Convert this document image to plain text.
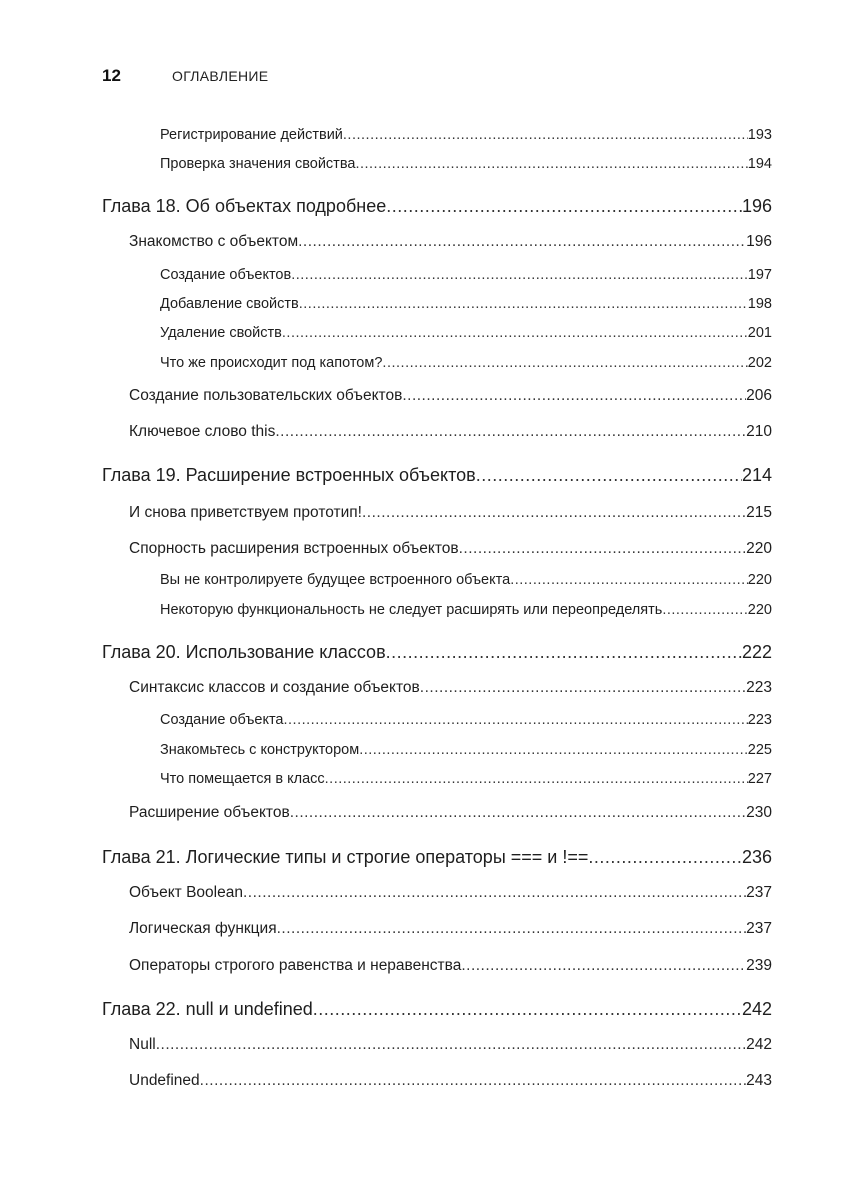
12	ОГЛАВЛЕНИЕ
Регистрирование действий .....	193
Проверка значения свойства .....	194
Глава 18. Об объектах подробнее .....	196
Знакомство с объектом .....	196
Создание объектов .....	197
Добавление свойств .....	198
Удаление свойств .....	201
Что же происходит под капотом? .....	202
Создание пользовательских объектов .....	206
Ключевое слово this .....	210
Глава 19. Расширение встроенных объектов .....	214
И снова приветствуем прототип! .....	215
Спорность расширения встроенных объектов .....	220
Вы не контролируете будущее встроенного объекта .....	220
Некоторую функциональность не следует расширять или переопределять .....	220
Глава 20. Использование классов .....	222
Синтаксис классов и создание объектов .....	223
Создание объекта .....	223
Знакомьтесь с конструктором .....	225
Что помещается в класс .....	227
Расширение объектов .....	230
Глава 21. Логические типы и строгие операторы === и !== .....	236
Объект Boolean .....	237
Логическая функция .....	237
Операторы строгого равенства и неравенства .....	239
Глава 22. null и undefined .....	242
Null .....	242
Undefined .....	243
